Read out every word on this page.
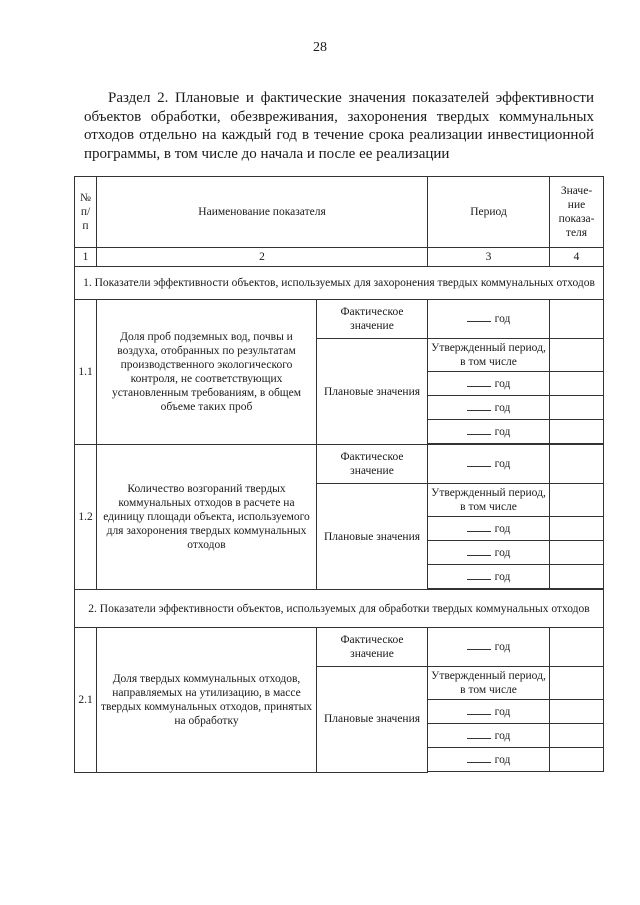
28
Раздел 2. Плановые и фактические значения показателей эффективности объектов обработки, обезвреживания, захоронения твердых коммунальных отходов отдельно на каждый год в течение срока реализации инвестиционной программы, в том числе до начала и после ее реализации
№ п/п	Наименование показателя		Период	Значе- ние показа- теля
1	2		3	4
1. Показатели эффективности объектов, используемых для захоронения твердых коммунальных отходов				
1.1	Доля проб подземных вод, почвы и воздуха, отобранных по результатам производственного экологического контроля, не соответствующих установленным требованиям, в общем объеме таких проб	Фактическое значение	год	
		Плановые значения	Утвержденный период, в том числе	
			год	
			год	
			год	

1.2	Количество возгораний твердых коммунальных отходов в расчете на единицу площади объекта, используемого для захоронения твердых коммунальных отходов	Фактическое значение	год	
		Плановые значения	Утвержденный период, в том числе	
			год	
			год	
			год	

2. Показатели эффективности объектов, используемых для обработки твердых коммунальных отходов				
2.1	Доля твердых коммунальных отходов, направляемых на утилизацию, в массе твердых коммунальных отходов, принятых на обработку	Фактическое значение	год	
		Плановые значения	Утвержденный период, в том числе	
			год	
			год	
			год	
